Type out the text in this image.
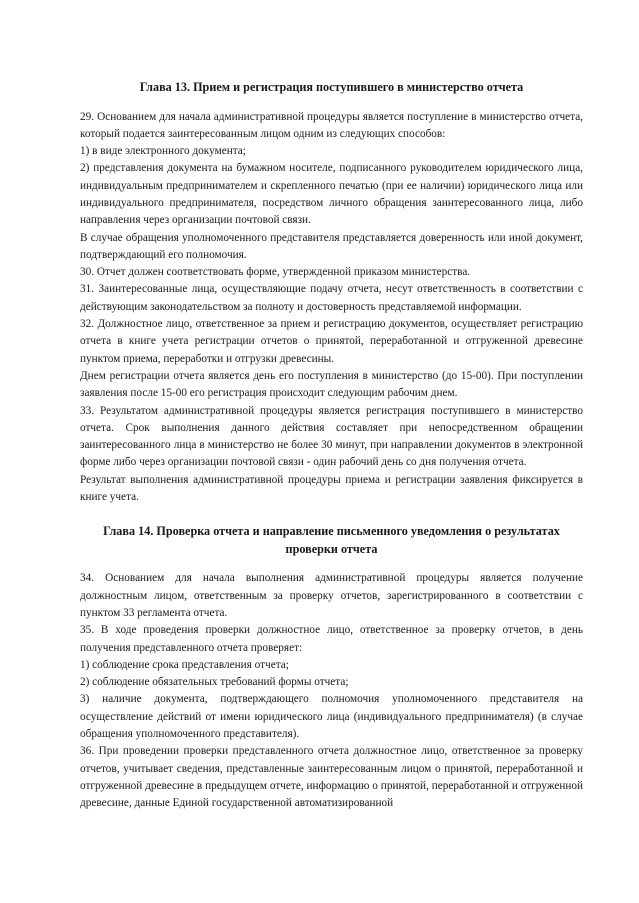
Глава 13. Прием и регистрация поступившего в министерство отчета

29. Основанием для начала административной процедуры является поступление в министерство отчета, который подается заинтересованным лицом одним из следующих способов:

1) в виде электронного документа;

2) представления документа на бумажном носителе, подписанного руководителем юридического лица, индивидуальным предпринимателем и скрепленного печатью (при ее наличии) юридического лица или индивидуального предпринимателя, посредством личного обращения заинтересованного лица, либо направления через организации почтовой связи.

В случае обращения уполномоченного представителя представляется доверенность или иной документ, подтверждающий его полномочия.

30. Отчет должен соответствовать форме, утвержденной приказом министерства.

31. Заинтересованные лица, осуществляющие подачу отчета, несут ответственность в соответствии с действующим законодательством за полноту и достоверность представляемой информации.

32. Должностное лицо, ответственное за прием и регистрацию документов, осуществляет регистрацию отчета в книге учета регистрации отчетов о принятой, переработанной и отгруженной древесине пунктом приема, переработки и отгрузки древесины.

Днем регистрации отчета является день его поступления в министерство (до 15-00). При поступлении заявления после 15-00 его регистрация происходит следующим рабочим днем.

33. Результатом административной процедуры является регистрация поступившего в министерство отчета. Срок выполнения данного действия составляет при непосредственном обращении заинтересованного лица в министерство не более 30 минут, при направлении документов в электронной форме либо через организации почтовой связи - один рабочий день со дня получения отчета.

Результат выполнения административной процедуры приема и регистрации заявления фиксируется в книге учета.

Глава 14. Проверка отчета и направление письменного уведомления о результатах проверки отчета

34. Основанием для начала выполнения административной процедуры является получение должностным лицом, ответственным за проверку отчетов, зарегистрированного в соответствии с пунктом 33 регламента отчета.

35. В ходе проведения проверки должностное лицо, ответственное за проверку отчетов, в день получения представленного отчета проверяет:

1) соблюдение срока представления отчета;

2) соблюдение обязательных требований формы отчета;

3) наличие документа, подтверждающего полномочия уполномоченного представителя на осуществление действий от имени юридического лица (индивидуального предпринимателя) (в случае обращения уполномоченного представителя).

36. При проведении проверки представленного отчета должностное лицо, ответственное за проверку отчетов, учитывает сведения, представленные заинтересованным лицом о принятой, переработанной и отгруженной древесине в предыдущем отчете, информацию о принятой, переработанной и отгруженной древесине, данные Единой государственной автоматизированной
